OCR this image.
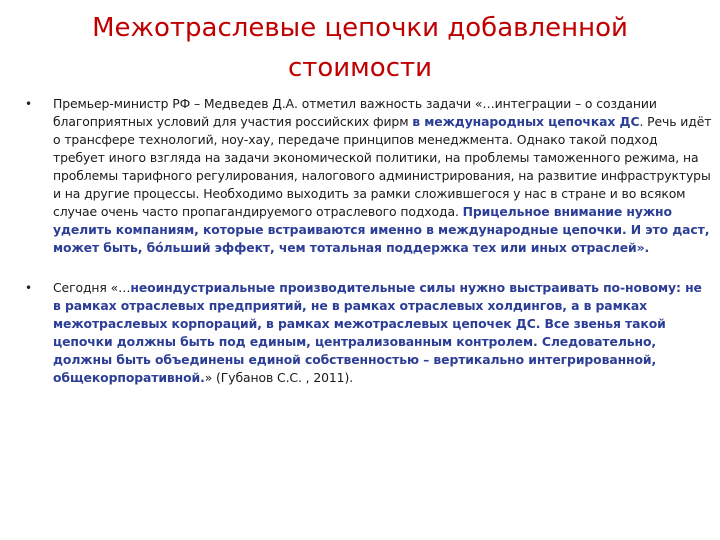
Межотраслевые цепочки добавленной стоимости
• Премьер-министр РФ – Медведев Д.А. отметил важность задачи «…интеграции – о создании благоприятных условий для участия российских фирм в международных цепочках ДС. Речь идёт о трансфере технологий, ноу-хау, передаче принципов менеджмента. Однако такой подход требует иного взгляда на задачи экономической политики, на проблемы таможенного режима, на проблемы тарифного регулирования, налогового администрирования, на развитие инфраструктуры и на другие процессы. Необходимо выходить за рамки сложившегося у нас в стране и во всяком случае очень часто пропагандируемого отраслевого подхода. Прицельное внимание нужно уделить компаниям, которые встраиваются именно в международные цепочки. И это даст, может быть, бóльший эффект, чем тотальная поддержка тех или иных отраслей».
• Сегодня «…неоиндустриальные производительные силы нужно выстраивать по-новому: не в рамках отраслевых предприятий, не в рамках отраслевых холдингов, а в рамках межотраслевых корпораций, в рамках межотраслевых цепочек ДС. Все звенья такой цепочки должны быть под единым, централизованным контролем. Следовательно, должны быть объединены единой собственностью – вертикально интегрированной, общекорпоративной.» (Губанов С.С. , 2011).
